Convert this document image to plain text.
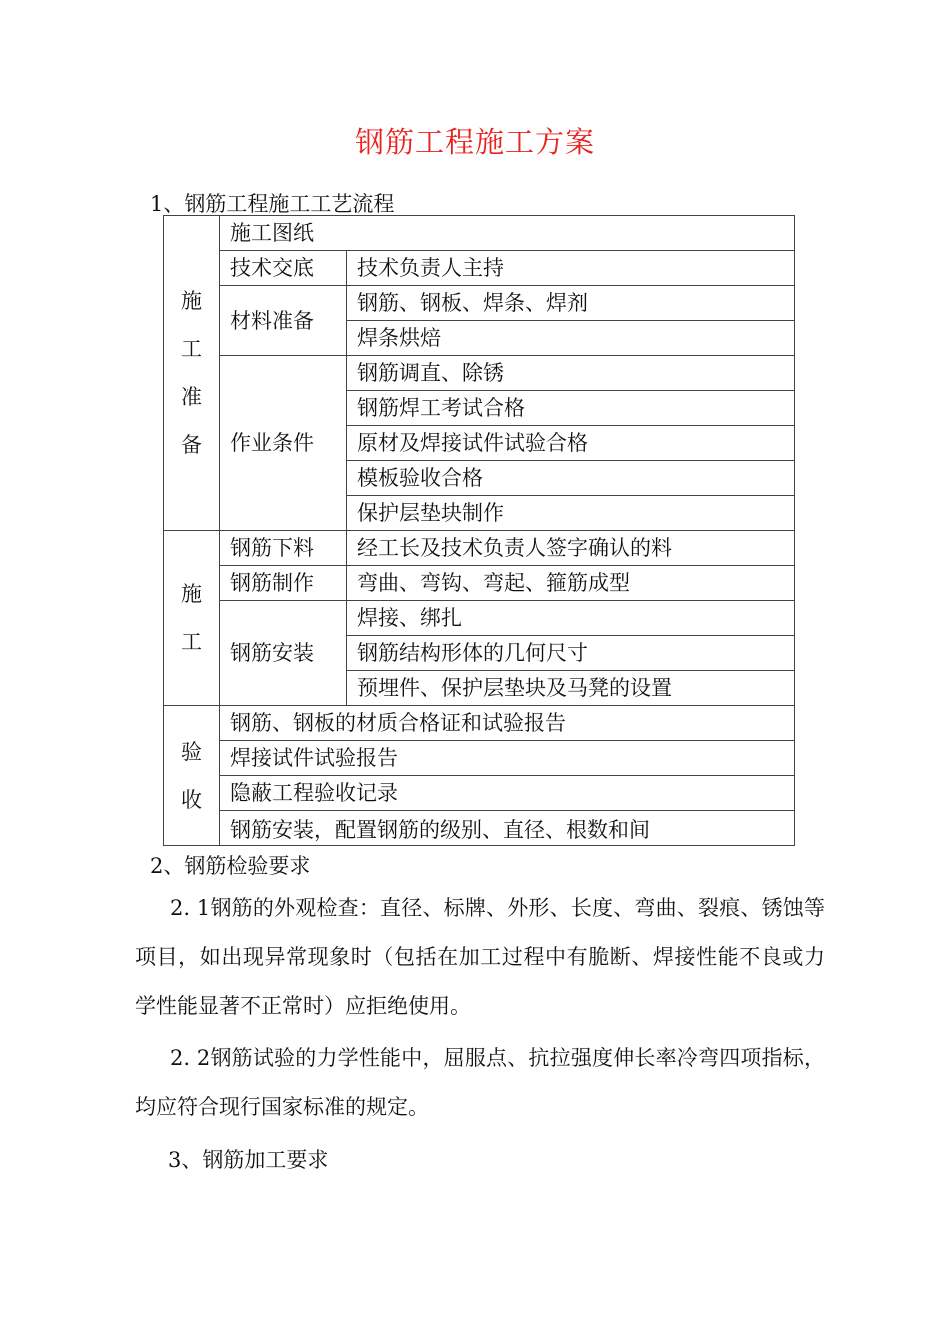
钢筋工程施工方案
1、钢筋工程施工工艺流程
施
工
准
备	施工图纸	
	技术交底	技术负责人主持
	材料准备	钢筋、钢板、焊条、焊剂
		焊条烘焙
	作业条件	钢筋调直、除锈
		钢筋焊工考试合格
		原材及焊接试件试验合格
		模板验收合格
		保护层垫块制作

施
工	钢筋下料	经工长及技术负责人签字确认的料
	钢筋制作	弯曲、弯钩、弯起、箍筋成型
	钢筋安装	焊接、绑扎
		钢筋结构形体的几何尺寸
		预埋件、保护层垫块及马凳的设置

验
收	钢筋、钢板的材质合格证和试验报告	
	焊接试件试验报告	
	隐蔽工程验收记录	
	钢筋安装，配置钢筋的级别、直径、根数和间	
2、钢筋检验要求
2. 1钢筋的外观检查：直径、标牌、外形、长度、弯曲、裂痕、锈蚀等项目，如出现异常现象时（包括在加工过程中有脆断、焊接性能不良或力学性能显著不正常时）应拒绝使用。
2. 2钢筋试验的力学性能中，屈服点、抗拉强度伸长率冷弯四项指标，均应符合现行国家标准的规定。
3、钢筋加工要求
